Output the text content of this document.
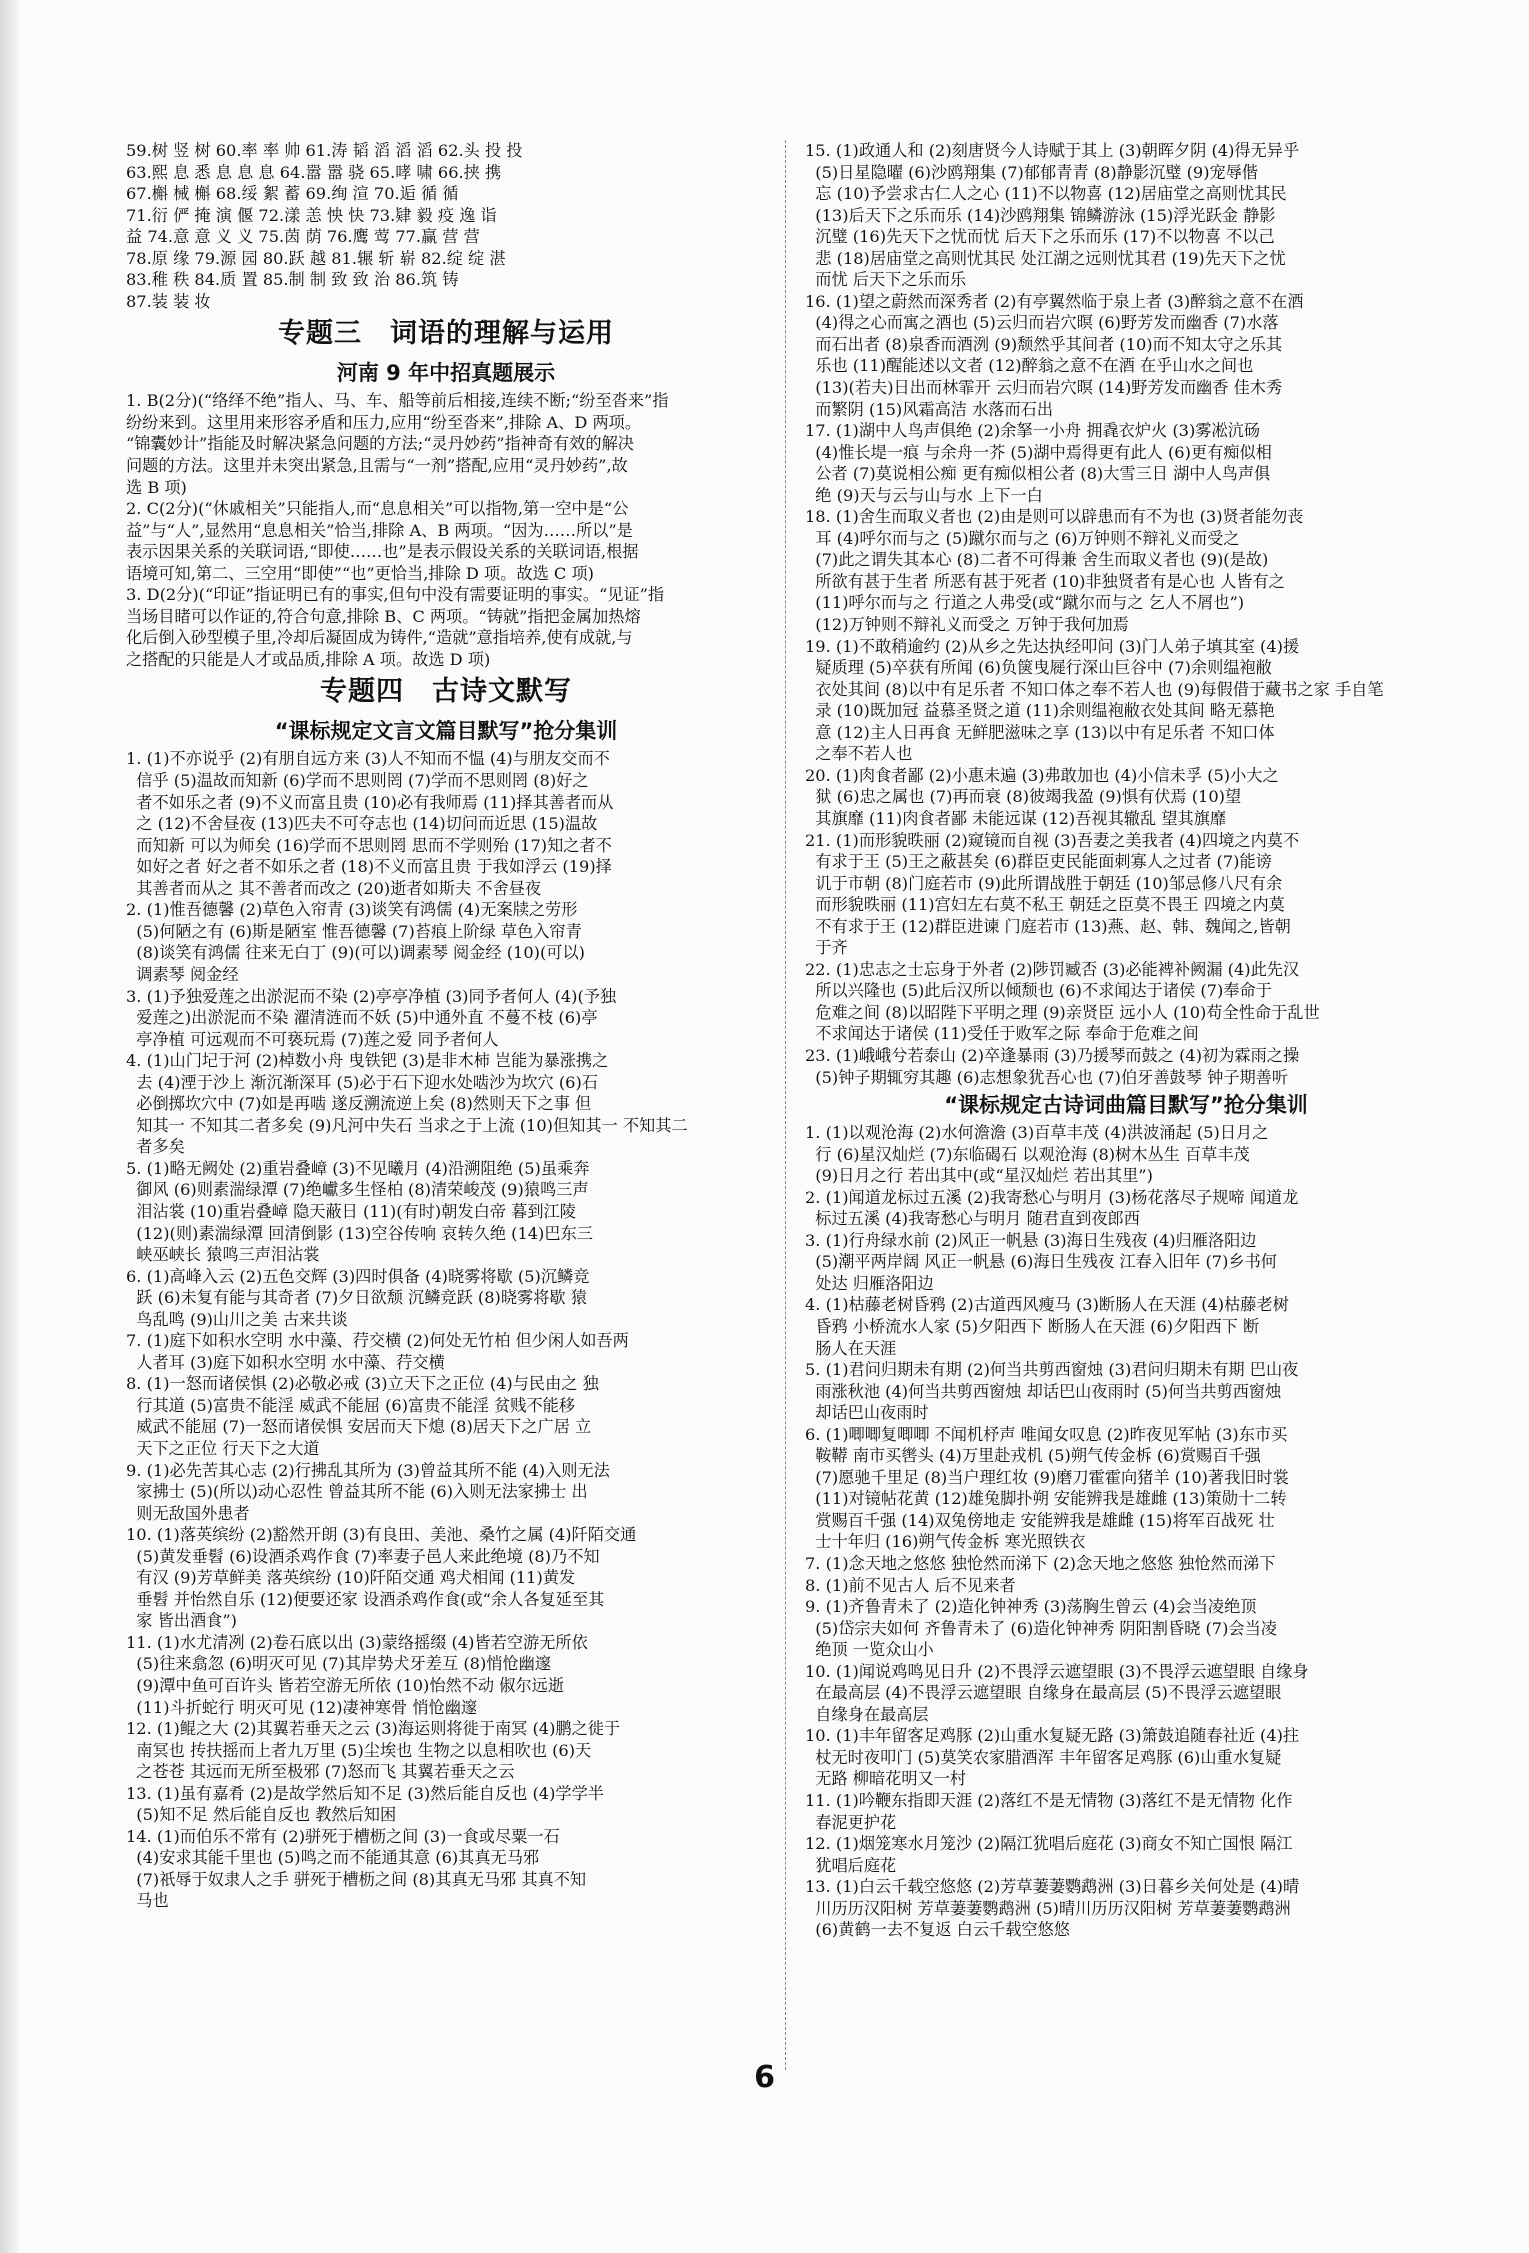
59.树 竖 树 60.率 率 帅 61.涛 韬 滔 滔 滔 62.头 投 投
63.熙 息 悉 息 息 息 64.嚣 嚣 骁 65.哮 啸 66.挟 携
67.槲 械 槲 68.绥 絮 蓄 69.绚 渲 70.逅 循 循
71.衍 俨 掩 演 偃 72.漾 恙 怏 快 73.肄 毅 疫 逸 诣
益 74.意 意 义 义 75.茵 荫 76.鹰 莺 77.赢 营 营
78.原 缘 79.源 园 80.跃 越 81.辗 斩 崭 82.绽 绽 湛
83.稚 秩 84.质 置 85.制 制 致 致 治 86.筑 铸
87.装 装 妆
专题三　词语的理解与运用
河南 9 年中招真题展示
1. B(2分)(“络绎不绝”指人、马、车、船等前后相接,连续不断;“纷至沓来”指
纷纷来到。这里用来形容矛盾和压力,应用“纷至沓来”,排除 A、D 两项。
“锦囊妙计”指能及时解决紧急问题的方法;“灵丹妙药”指神奇有效的解决
问题的方法。这里并未突出紧急,且需与“一剂”搭配,应用“灵丹妙药”,故
选 B 项)
2. C(2分)(“休戚相关”只能指人,而“息息相关”可以指物,第一空中是“公
益”与“人”,显然用“息息相关”恰当,排除 A、B 两项。“因为……所以”是
表示因果关系的关联词语,“即使……也”是表示假设关系的关联词语,根据
语境可知,第二、三空用“即使”“也”更恰当,排除 D 项。故选 C 项)
3. D(2分)(“印证”指证明已有的事实,但句中没有需要证明的事实。“见证”指
当场目睹可以作证的,符合句意,排除 B、C 两项。“铸就”指把金属加热熔
化后倒入砂型模子里,冷却后凝固成为铸件,“造就”意指培养,使有成就,与
之搭配的只能是人才或品质,排除 A 项。故选 D 项)
专题四　古诗文默写
“课标规定文言文篇目默写”抢分集训
1. (1)不亦说乎 (2)有朋自远方来 (3)人不知而不愠 (4)与朋友交而不
信乎 (5)温故而知新 (6)学而不思则罔 (7)学而不思则罔 (8)好之
者不如乐之者 (9)不义而富且贵 (10)必有我师焉 (11)择其善者而从
之 (12)不舍昼夜 (13)匹夫不可夺志也 (14)切问而近思 (15)温故
而知新 可以为师矣 (16)学而不思则罔 思而不学则殆 (17)知之者不
如好之者 好之者不如乐之者 (18)不义而富且贵 于我如浮云 (19)择
其善者而从之 其不善者而改之 (20)逝者如斯夫 不舍昼夜
2. (1)惟吾德馨 (2)草色入帘青 (3)谈笑有鸿儒 (4)无案牍之劳形
(5)何陋之有 (6)斯是陋室 惟吾德馨 (7)苔痕上阶绿 草色入帘青
(8)谈笑有鸿儒 往来无白丁 (9)(可以)调素琴 阅金经 (10)(可以)
调素琴 阅金经
3. (1)予独爱莲之出淤泥而不染 (2)亭亭净植 (3)同予者何人 (4)(予独
爱莲之)出淤泥而不染 濯清涟而不妖 (5)中通外直 不蔓不枝 (6)亭
亭净植 可远观而不可亵玩焉 (7)莲之爱 同予者何人
4. (1)山门圮于河 (2)棹数小舟 曳铁钯 (3)是非木柿 岂能为暴涨携之
去 (4)湮于沙上 渐沉渐深耳 (5)必于石下迎水处啮沙为坎穴 (6)石
必倒掷坎穴中 (7)如是再啮 遂反溯流逆上矣 (8)然则天下之事 但
知其一 不知其二者多矣 (9)凡河中失石 当求之于上流 (10)但知其一 不知其二
者多矣
5. (1)略无阙处 (2)重岩叠嶂 (3)不见曦月 (4)沿溯阻绝 (5)虽乘奔
御风 (6)则素湍绿潭 (7)绝巘多生怪柏 (8)清荣峻茂 (9)猿鸣三声
泪沾裳 (10)重岩叠嶂 隐天蔽日 (11)(有时)朝发白帝 暮到江陵
(12)(则)素湍绿潭 回清倒影 (13)空谷传响 哀转久绝 (14)巴东三
峡巫峡长 猿鸣三声泪沾裳
6. (1)高峰入云 (2)五色交辉 (3)四时俱备 (4)晓雾将歇 (5)沉鳞竞
跃 (6)未复有能与其奇者 (7)夕日欲颓 沉鳞竞跃 (8)晓雾将歇 猿
鸟乱鸣 (9)山川之美 古来共谈
7. (1)庭下如积水空明 水中藻、荇交横 (2)何处无竹柏 但少闲人如吾两
人者耳 (3)庭下如积水空明 水中藻、荇交横
8. (1)一怒而诸侯惧 (2)必敬必戒 (3)立天下之正位 (4)与民由之 独
行其道 (5)富贵不能淫 威武不能屈 (6)富贵不能淫 贫贱不能移
威武不能屈 (7)一怒而诸侯惧 安居而天下熄 (8)居天下之广居 立
天下之正位 行天下之大道
9. (1)必先苦其心志 (2)行拂乱其所为 (3)曾益其所不能 (4)入则无法
家拂士 (5)(所以)动心忍性 曾益其所不能 (6)入则无法家拂士 出
则无敌国外患者
10. (1)落英缤纷 (2)豁然开朗 (3)有良田、美池、桑竹之属 (4)阡陌交通
(5)黄发垂髫 (6)设酒杀鸡作食 (7)率妻子邑人来此绝境 (8)乃不知
有汉 (9)芳草鲜美 落英缤纷 (10)阡陌交通 鸡犬相闻 (11)黄发
垂髫 并怡然自乐 (12)便要还家 设酒杀鸡作食(或“余人各复延至其
家 皆出酒食”)
11. (1)水尤清冽 (2)卷石底以出 (3)蒙络摇缀 (4)皆若空游无所依
(5)往来翕忽 (6)明灭可见 (7)其岸势犬牙差互 (8)悄怆幽邃
(9)潭中鱼可百许头 皆若空游无所依 (10)怡然不动 俶尔远逝
(11)斗折蛇行 明灭可见 (12)凄神寒骨 悄怆幽邃
12. (1)鲲之大 (2)其翼若垂天之云 (3)海运则将徙于南冥 (4)鹏之徙于
南冥也 抟扶摇而上者九万里 (5)尘埃也 生物之以息相吹也 (6)天
之苍苍 其远而无所至极邪 (7)怒而飞 其翼若垂天之云
13. (1)虽有嘉肴 (2)是故学然后知不足 (3)然后能自反也 (4)学学半
(5)知不足 然后能自反也 教然后知困
14. (1)而伯乐不常有 (2)骈死于槽枥之间 (3)一食或尽粟一石
(4)安求其能千里也 (5)鸣之而不能通其意 (6)其真无马邪
(7)祇辱于奴隶人之手 骈死于槽枥之间 (8)其真无马邪 其真不知
马也
15. (1)政通人和 (2)刻唐贤今人诗赋于其上 (3)朝晖夕阴 (4)得无异乎
(5)日星隐曜 (6)沙鸥翔集 (7)郁郁青青 (8)静影沉璧 (9)宠辱偕
忘 (10)予尝求古仁人之心 (11)不以物喜 (12)居庙堂之高则忧其民
(13)后天下之乐而乐 (14)沙鸥翔集 锦鳞游泳 (15)浮光跃金 静影
沉璧 (16)先天下之忧而忧 后天下之乐而乐 (17)不以物喜 不以己
悲 (18)居庙堂之高则忧其民 处江湖之远则忧其君 (19)先天下之忧
而忧 后天下之乐而乐
16. (1)望之蔚然而深秀者 (2)有亭翼然临于泉上者 (3)醉翁之意不在酒
(4)得之心而寓之酒也 (5)云归而岩穴暝 (6)野芳发而幽香 (7)水落
而石出者 (8)泉香而酒洌 (9)颓然乎其间者 (10)而不知太守之乐其
乐也 (11)醒能述以文者 (12)醉翁之意不在酒 在乎山水之间也
(13)(若夫)日出而林霏开 云归而岩穴暝 (14)野芳发而幽香 佳木秀
而繁阴 (15)风霜高洁 水落而石出
17. (1)湖中人鸟声俱绝 (2)余拏一小舟 拥毳衣炉火 (3)雾凇沆砀
(4)惟长堤一痕 与余舟一芥 (5)湖中焉得更有此人 (6)更有痴似相
公者 (7)莫说相公痴 更有痴似相公者 (8)大雪三日 湖中人鸟声俱
绝 (9)天与云与山与水 上下一白
18. (1)舍生而取义者也 (2)由是则可以辟患而有不为也 (3)贤者能勿丧
耳 (4)呼尔而与之 (5)蹴尔而与之 (6)万钟则不辩礼义而受之
(7)此之谓失其本心 (8)二者不可得兼 舍生而取义者也 (9)(是故)
所欲有甚于生者 所恶有甚于死者 (10)非独贤者有是心也 人皆有之
(11)呼尔而与之 行道之人弗受(或“蹴尔而与之 乞人不屑也”)
(12)万钟则不辩礼义而受之 万钟于我何加焉
19. (1)不敢稍逾约 (2)从乡之先达执经叩问 (3)门人弟子填其室 (4)援
疑质理 (5)卒获有所闻 (6)负箧曳屣行深山巨谷中 (7)余则缊袍敝
衣处其间 (8)以中有足乐者 不知口体之奉不若人也 (9)每假借于藏书之家 手自笔
录 (10)既加冠 益慕圣贤之道 (11)余则缊袍敝衣处其间 略无慕艳
意 (12)主人日再食 无鲜肥滋味之享 (13)以中有足乐者 不知口体
之奉不若人也
20. (1)肉食者鄙 (2)小惠未遍 (3)弗敢加也 (4)小信未孚 (5)小大之
狱 (6)忠之属也 (7)再而衰 (8)彼竭我盈 (9)惧有伏焉 (10)望
其旗靡 (11)肉食者鄙 未能远谋 (12)吾视其辙乱 望其旗靡
21. (1)而形貌昳丽 (2)窥镜而自视 (3)吾妻之美我者 (4)四境之内莫不
有求于王 (5)王之蔽甚矣 (6)群臣吏民能面刺寡人之过者 (7)能谤
讥于市朝 (8)门庭若市 (9)此所谓战胜于朝廷 (10)邹忌修八尺有余
而形貌昳丽 (11)宫妇左右莫不私王 朝廷之臣莫不畏王 四境之内莫
不有求于王 (12)群臣进谏 门庭若市 (13)燕、赵、韩、魏闻之,皆朝
于齐
22. (1)忠志之士忘身于外者 (2)陟罚臧否 (3)必能裨补阙漏 (4)此先汉
所以兴隆也 (5)此后汉所以倾颓也 (6)不求闻达于诸侯 (7)奉命于
危难之间 (8)以昭陛下平明之理 (9)亲贤臣 远小人 (10)苟全性命于乱世
不求闻达于诸侯 (11)受任于败军之际 奉命于危难之间
23. (1)峨峨兮若泰山 (2)卒逢暴雨 (3)乃援琴而鼓之 (4)初为霖雨之操
(5)钟子期辄穷其趣 (6)志想象犹吾心也 (7)伯牙善鼓琴 钟子期善听
“课标规定古诗词曲篇目默写”抢分集训
1. (1)以观沧海 (2)水何澹澹 (3)百草丰茂 (4)洪波涌起 (5)日月之
行 (6)星汉灿烂 (7)东临碣石 以观沧海 (8)树木丛生 百草丰茂
(9)日月之行 若出其中(或“星汉灿烂 若出其里”)
2. (1)闻道龙标过五溪 (2)我寄愁心与明月 (3)杨花落尽子规啼 闻道龙
标过五溪 (4)我寄愁心与明月 随君直到夜郎西
3. (1)行舟绿水前 (2)风正一帆悬 (3)海日生残夜 (4)归雁洛阳边
(5)潮平两岸阔 风正一帆悬 (6)海日生残夜 江春入旧年 (7)乡书何
处达 归雁洛阳边
4. (1)枯藤老树昏鸦 (2)古道西风瘦马 (3)断肠人在天涯 (4)枯藤老树
昏鸦 小桥流水人家 (5)夕阳西下 断肠人在天涯 (6)夕阳西下 断
肠人在天涯
5. (1)君问归期未有期 (2)何当共剪西窗烛 (3)君问归期未有期 巴山夜
雨涨秋池 (4)何当共剪西窗烛 却话巴山夜雨时 (5)何当共剪西窗烛
却话巴山夜雨时
6. (1)唧唧复唧唧 不闻机杼声 唯闻女叹息 (2)昨夜见军帖 (3)东市买
鞍鞯 南市买辔头 (4)万里赴戎机 (5)朔气传金柝 (6)赏赐百千强
(7)愿驰千里足 (8)当户理红妆 (9)磨刀霍霍向猪羊 (10)著我旧时裳
(11)对镜帖花黄 (12)雄兔脚扑朔 安能辨我是雄雌 (13)策勋十二转
赏赐百千强 (14)双兔傍地走 安能辨我是雄雌 (15)将军百战死 壮
士十年归 (16)朔气传金柝 寒光照铁衣
7. (1)念天地之悠悠 独怆然而涕下 (2)念天地之悠悠 独怆然而涕下
8. (1)前不见古人 后不见来者
9. (1)齐鲁青未了 (2)造化钟神秀 (3)荡胸生曾云 (4)会当凌绝顶
(5)岱宗夫如何 齐鲁青未了 (6)造化钟神秀 阴阳割昏晓 (7)会当凌
绝顶 一览众山小
10. (1)闻说鸡鸣见日升 (2)不畏浮云遮望眼 (3)不畏浮云遮望眼 自缘身
在最高层 (4)不畏浮云遮望眼 自缘身在最高层 (5)不畏浮云遮望眼
自缘身在最高层
10. (1)丰年留客足鸡豚 (2)山重水复疑无路 (3)箫鼓追随春社近 (4)拄
杖无时夜叩门 (5)莫笑农家腊酒浑 丰年留客足鸡豚 (6)山重水复疑
无路 柳暗花明又一村
11. (1)吟鞭东指即天涯 (2)落红不是无情物 (3)落红不是无情物 化作
春泥更护花
12. (1)烟笼寒水月笼沙 (2)隔江犹唱后庭花 (3)商女不知亡国恨 隔江
犹唱后庭花
13. (1)白云千载空悠悠 (2)芳草萋萋鹦鹉洲 (3)日暮乡关何处是 (4)晴
川历历汉阳树 芳草萋萋鹦鹉洲 (5)晴川历历汉阳树 芳草萋萋鹦鹉洲
(6)黄鹤一去不复返 白云千载空悠悠
6
